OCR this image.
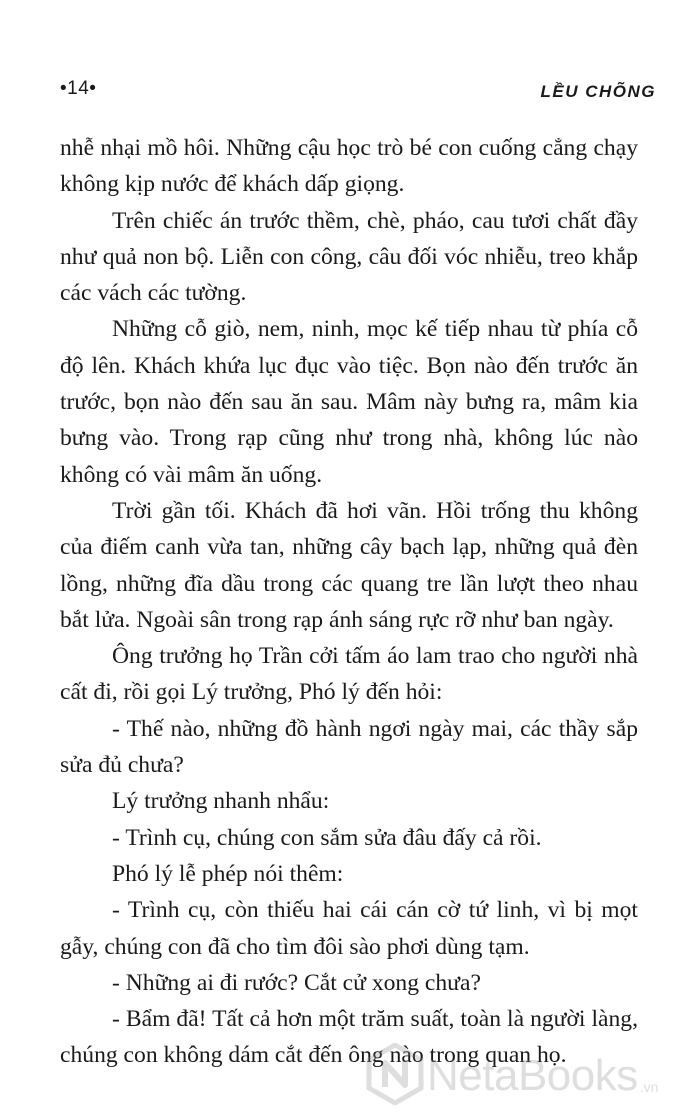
•14•	LỀU CHÕNG

nhễ nhại mồ hôi. Những cậu học trò bé con cuống cẳng chạy không kịp nước để khách dấp giọng.

Trên chiếc án trước thềm, chè, pháo, cau tươi chất đầy như quả non bộ. Liễn con công, câu đối vóc nhiễu, treo khắp các vách các tường.

Những cỗ giò, nem, ninh, mọc kế tiếp nhau từ phía cỗ độ lên. Khách khứa lục đục vào tiệc. Bọn nào đến trước ăn trước, bọn nào đến sau ăn sau. Mâm này bưng ra, mâm kia bưng vào. Trong rạp cũng như trong nhà, không lúc nào không có vài mâm ăn uống.

Trời gần tối. Khách đã hơi vãn. Hồi trống thu không của điếm canh vừa tan, những cây bạch lạp, những quả đèn lồng, những đĩa dầu trong các quang tre lần lượt theo nhau bắt lửa. Ngoài sân trong rạp ánh sáng rực rỡ như ban ngày.

Ông trưởng họ Trần cởi tấm áo lam trao cho người nhà cất đi, rồi gọi Lý trưởng, Phó lý đến hỏi:

- Thế nào, những đồ hành ngơi ngày mai, các thầy sắp sửa đủ chưa?

Lý trưởng nhanh nhẩu:

- Trình cụ, chúng con sắm sửa đâu đấy cả rồi.

Phó lý lễ phép nói thêm:

- Trình cụ, còn thiếu hai cái cán cờ tứ linh, vì bị mọt gẫy, chúng con đã cho tìm đôi sào phơi dùng tạm.

- Những ai đi rước? Cắt cử xong chưa?

- Bẩm đã! Tất cả hơn một trăm suất, toàn là người làng, chúng con không dám cắt đến ông nào trong quan họ.

NetaBooks .vn
